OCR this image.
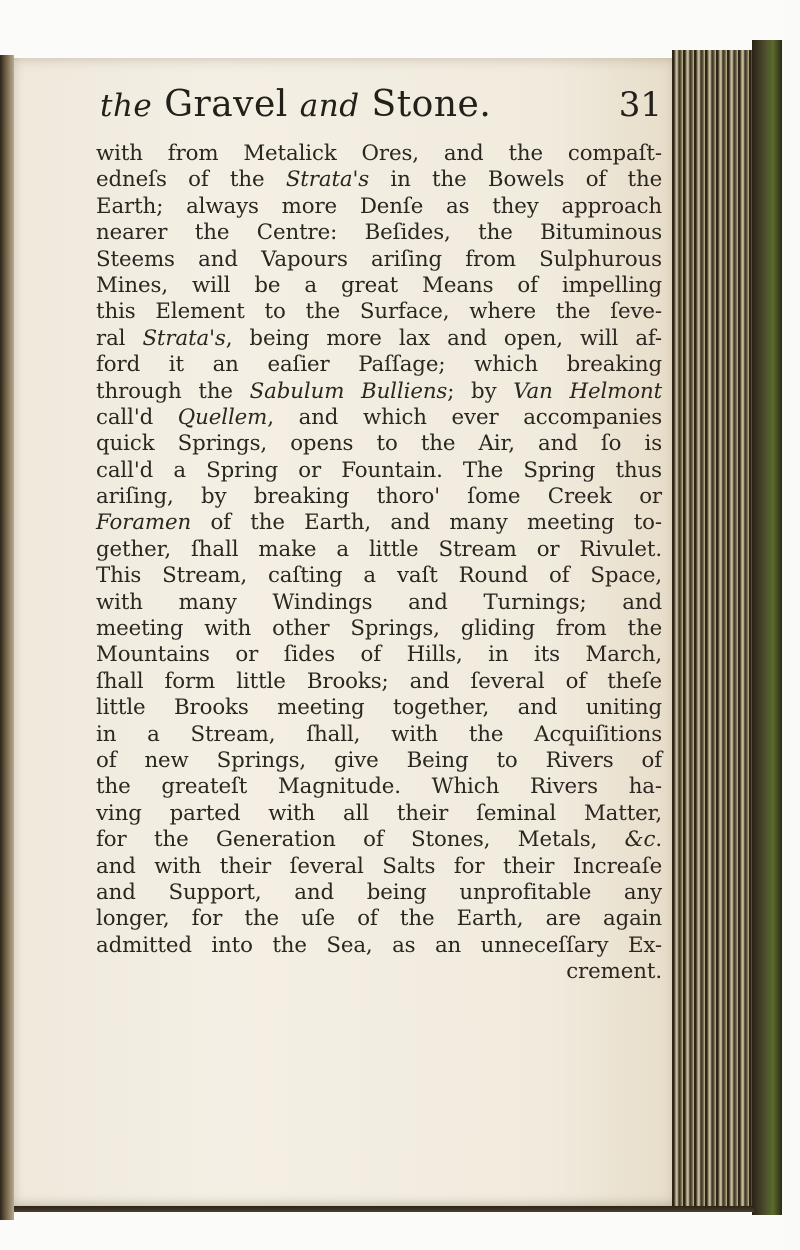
the Gravel and Stone.	31
with from Metalick Ores, and the compaſt-
edneſs of the Strata's in the Bowels of the
Earth; always more Denſe as they approach
nearer the Centre: Beſides, the Bituminous
Steems and Vapours ariſing from Sulphurous
Mines, will be a great Means of impelling
this Element to the Surface, where the ſeve-
ral Strata's, being more lax and open, will af-
ford it an eaſier Paſſage; which breaking
through the Sabulum Bulliens; by Van Helmont
call'd Quellem, and which ever accompanies
quick Springs, opens to the Air, and ſo is
call'd a Spring or Fountain. The Spring thus
ariſing, by breaking thoro' ſome Creek or
Foramen of the Earth, and many meeting to-
gether, ſhall make a little Stream or Rivulet.
This Stream, caſting a vaſt Round of Space,
with many Windings and Turnings; and
meeting with other Springs, gliding from the
Mountains or ſides of Hills, in its March,
ſhall form little Brooks; and ſeveral of theſe
little Brooks meeting together, and uniting
in a Stream, ſhall, with the Acquiſitions
of new Springs, give Being to Rivers of
the greateſt Magnitude. Which Rivers ha-
ving parted with all their ſeminal Matter,
for the Generation of Stones, Metals, &c.
and with their ſeveral Salts for their Increaſe
and Support, and being unprofitable any
longer, for the uſe of the Earth, are again
admitted into the Sea, as an unneceſſary Ex-
crement.
